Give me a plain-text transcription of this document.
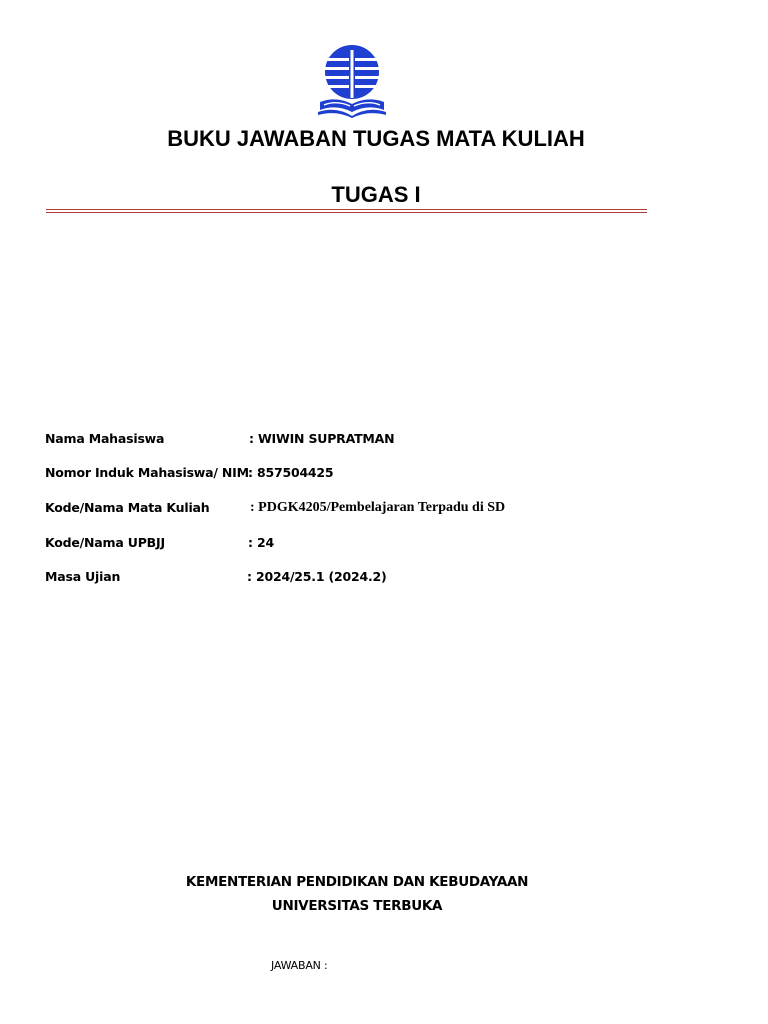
BUKU JAWABAN TUGAS MATA KULIAH
TUGAS I
Nama Mahasiswa	: WIWIN SUPRATMAN
Nomor Induk Mahasiswa/ NIM : 857504425
Kode/Nama Mata Kuliah	: PDGK4205/Pembelajaran Terpadu di SD
Kode/Nama UPBJJ	: 24
Masa Ujian	: 2024/25.1 (2024.2)
KEMENTERIAN PENDIDIKAN DAN KEBUDAYAAN
UNIVERSITAS TERBUKA
JAWABAN :
